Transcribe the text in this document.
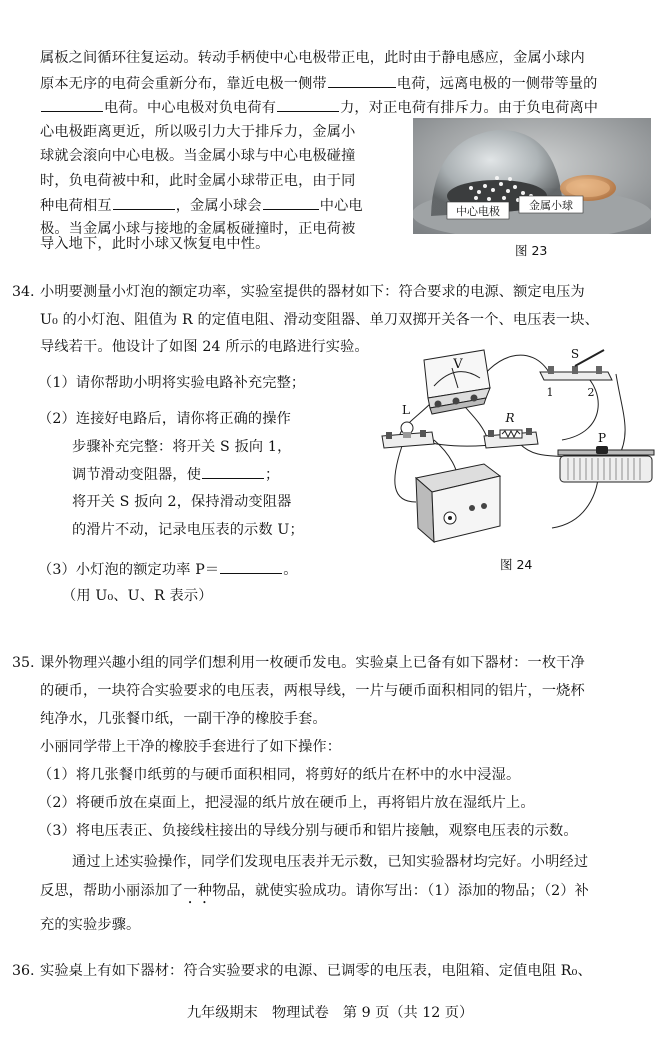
属板之间循环往复运动。转动手柄使中心电极带正电，此时由于静电感应，金属小球内
原本无序的电荷会重新分布，靠近电极一侧带	电荷，远离电极的一侧带等量的
电荷。中心电极对负电荷有	力，对正电荷有排斥力。由于负电荷离中
心电极距离更近，所以吸引力大于排斥力，金属小
球就会滚向中心电极。当金属小球与中心电极碰撞
时，负电荷被中和，此时金属小球带正电，由于同
种电荷相互	，金属小球会	中心电
极。当金属小球与接地的金属板碰撞时，正电荷被
导入地下，此时小球又恢复电中性。
中心电极	金属小球
图 23
34. 小明要测量小灯泡的额定功率，实验室提供的器材如下：符合要求的电源、额定电压为
U₀ 的小灯泡、阻值为 R 的定值电阻、滑动变阻器、单刀双掷开关各一个、电压表一块、
导线若干。他设计了如图 24 所示的电路进行实验。
（1）请你帮助小明将实验电路补充完整；
（2）连接好电路后，请你将正确的操作
步骤补充完整：将开关 S 扳向 1，
调节滑动变阻器，使	；
将开关 S 扳向 2，保持滑动变阻器
的滑片不动，记录电压表的示数 U；
（3）小灯泡的额定功率 P＝	。
（用 U₀、U、R 表示）
V
S
1	2
L
R
P
图 24
35. 课外物理兴趣小组的同学们想利用一枚硬币发电。实验桌上已备有如下器材：一枚干净
的硬币，一块符合实验要求的电压表，两根导线，一片与硬币面积相同的铝片，一烧杯
纯净水，几张餐巾纸，一副干净的橡胶手套。
小丽同学带上干净的橡胶手套进行了如下操作：
（1）将几张餐巾纸剪的与硬币面积相同，将剪好的纸片在杯中的水中浸湿。
（2）将硬币放在桌面上，把浸湿的纸片放在硬币上，再将铝片放在湿纸片上。
（3）将电压表正、负接线柱接出的导线分别与硬币和铝片接触，观察电压表的示数。
通过上述实验操作，同学们发现电压表并无示数，已知实验器材均完好。小明经过
反思，帮助小丽添加了一种物品，就使实验成功。请你写出：（1）添加的物品；（2）补
充的实验步骤。
36. 实验桌上有如下器材：符合实验要求的电源、已调零的电压表，电阻箱、定值电阻 R₀、
九年级期末　物理试卷　第 9 页（共 12 页）
